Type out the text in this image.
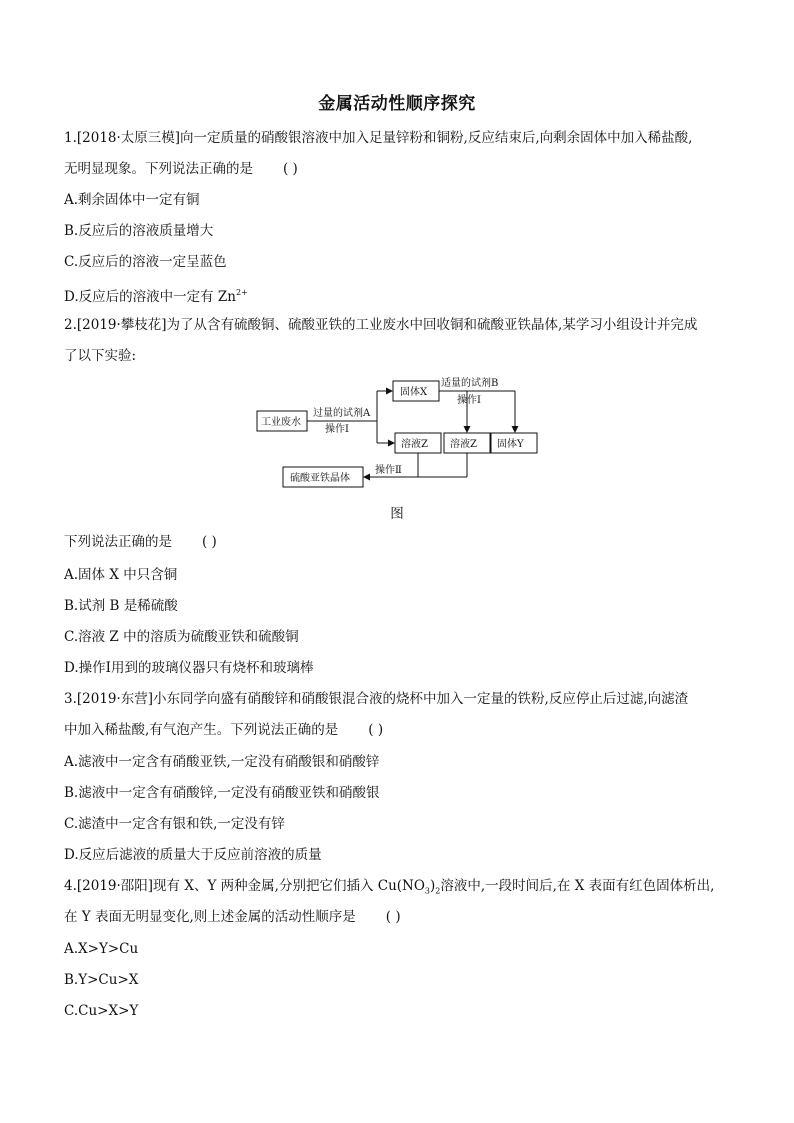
金属活动性顺序探究
1.[2018·太原三模]向一定质量的硝酸银溶液中加入足量锌粉和铜粉,反应结束后,向剩余固体中加入稀盐酸,
无明显现象。下列说法正确的是 ( )
A.剩余固体中一定有铜
B.反应后的溶液质量增大
C.反应后的溶液一定呈蓝色
D.反应后的溶液中一定有 $Zn^{2+}$
2.[2019·攀枝花]为了从含有硫酸铜、硫酸亚铁的工业废水中回收铜和硫酸亚铁晶体,某学习小组设计并完成
了以下实验:
工业废水
过量的试剂A
操作Ⅰ
固体X
适量的试剂B
操作Ⅰ
溶液Z 溶液Z 固体Y
操作Ⅱ
硫酸亚铁晶体
图
下列说法正确的是 ( )
A.固体 X 中只含铜
B.试剂 B 是稀硫酸
C.溶液 Z 中的溶质为硫酸亚铁和硫酸铜
D.操作Ⅰ用到的玻璃仪器只有烧杯和玻璃棒
3.[2019·东营]小东同学向盛有硝酸锌和硝酸银混合液的烧杯中加入一定量的铁粉,反应停止后过滤,向滤渣
中加入稀盐酸,有气泡产生。下列说法正确的是 ( )
A.滤液中一定含有硝酸亚铁,一定没有硝酸银和硝酸锌
B.滤液中一定含有硝酸锌,一定没有硝酸亚铁和硝酸银
C.滤渣中一定含有银和铁,一定没有锌
D.反应后滤液的质量大于反应前溶液的质量
4.[2019·邵阳]现有 X、Y 两种金属,分别把它们插入 $Cu(NO_3)_2$溶液中,一段时间后,在 X 表面有红色固体析出,
在 Y 表面无明显变化,则上述金属的活动性顺序是 ( )
A.X>Y>Cu
B.Y>Cu>X
C.Cu>X>Y
